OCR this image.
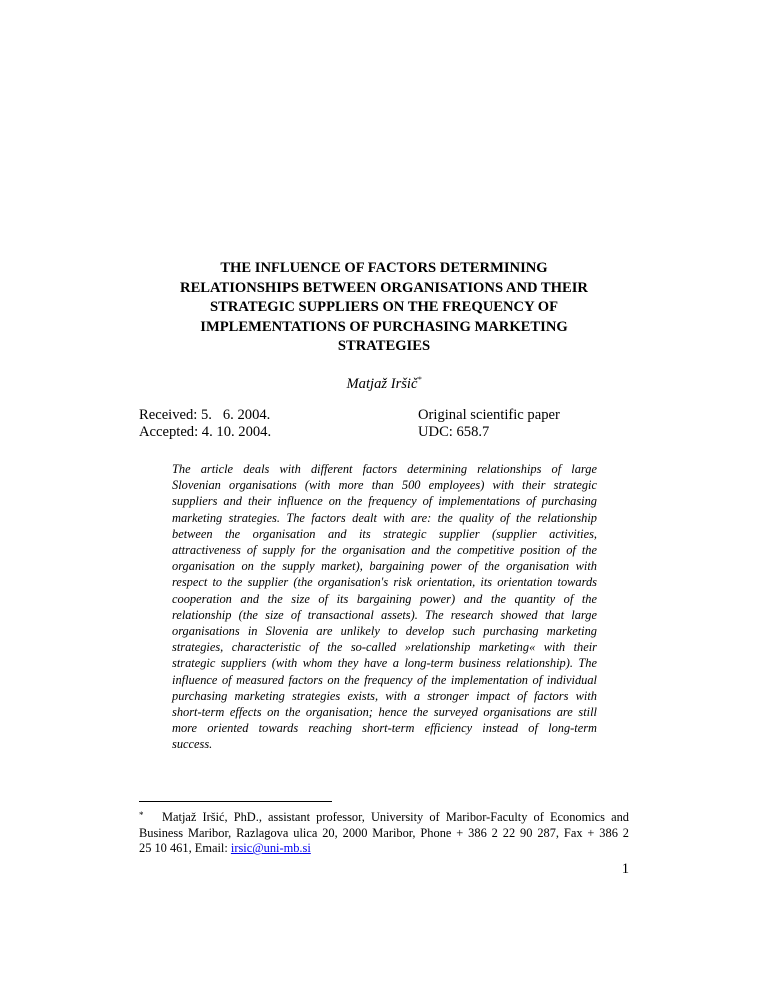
THE INFLUENCE OF FACTORS DETERMINING
RELATIONSHIPS BETWEEN ORGANISATIONS AND THEIR
STRATEGIC SUPPLIERS ON THE FREQUENCY OF
IMPLEMENTATIONS OF PURCHASING MARKETING
STRATEGIES
Matjaž Iršič*
Received: 5.   6. 2004.
Accepted: 4. 10. 2004.
Original scientific paper
UDC: 658.7
The article deals with different factors determining relationships of large
Slovenian organisations (with more than 500 employees) with their strategic
suppliers and their influence on the frequency of implementations of purchasing
marketing strategies. The factors dealt with are: the quality of the relationship
between the organisation and its strategic supplier (supplier activities,
attractiveness of supply for the organisation and the competitive position of the
organisation on the supply market), bargaining power of the organisation with
respect to the supplier (the organisation's risk orientation, its orientation towards
cooperation and the size of its bargaining power) and the quantity of the
relationship (the size of transactional assets). The research showed that large
organisations in Slovenia are unlikely to develop such purchasing marketing
strategies, characteristic of the so-called »relationship marketing« with their
strategic suppliers (with whom they have a long-term business relationship). The
influence of measured factors on the frequency of the implementation of individual
purchasing marketing strategies exists, with a stronger impact of factors with
short-term effects on the organisation; hence the surveyed organisations are still
more oriented towards reaching short-term efficiency instead of long-term
success.
*	Matjaž Iršić, PhD., assistant professor, University of Maribor-Faculty of Economics and
Business Maribor, Razlagova ulica 20, 2000 Maribor, Phone + 386 2 22 90 287, Fax + 386 2
25 10 461, Email: irsic@uni-mb.si
1
